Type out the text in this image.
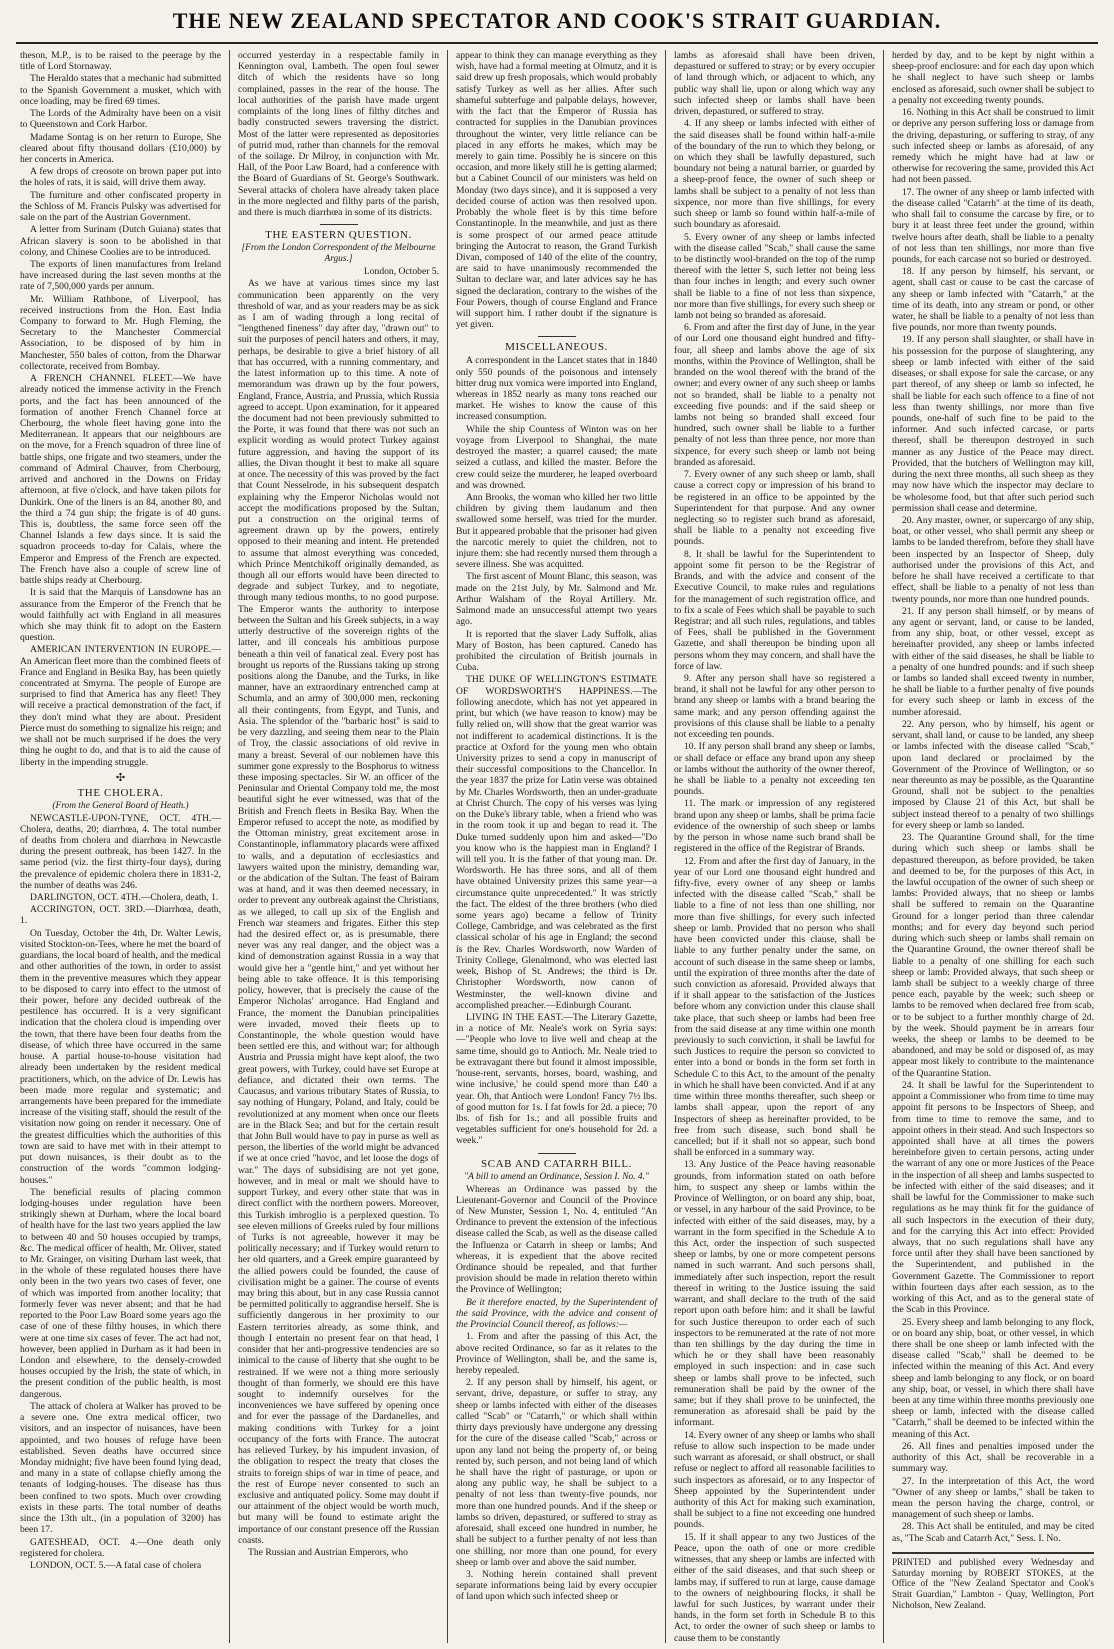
THE NEW ZEALAND SPECTATOR AND COOK'S STRAIT GUARDIAN.

theson, M.P., is to be raised to the peerage by the title of Lord Stornaway.

The Heraldo states that a mechanic had submitted to the Spanish Government a musket, which with once loading, may be fired 69 times.

The Lords of the Admiralty have been on a visit to Queenstown and Cork Harbor.

Madame Sontag is on her return to Europe, She cleared about fifty thousand dollars (£10,000) by her concerts in America.

A few drops of creosote on brown paper put into the holes of rats, it is said, will drive them away.

The furniture and other confiscated property in the Schloss of M. Francis Pulsky was advertised for sale on the part of the Austrian Government.

A letter from Surinam (Dutch Guiana) states that African slavery is soon to be abolished in that colony, and Chinese Coolies are to be introduced.

The exports of linen manufactures from Ireland have increased during the last seven months at the rate of 7,500,000 yards per annum.

Mr. William Rathbone, of Liverpool, has received instructions from the Hon. East India Company to forward to Mr. Hugh Fleming, the Secretary to the Manchester Commercial Association, to be disposed of by him in Manchester, 550 bales of cotton, from the Dharwar collectorate, received from Bombay.

A FRENCH CHANNEL FLEET.—We have already noticed the immense activity in the French ports, and the fact has been announced of the formation of another French Channel force at Cherbourg, the whole fleet having gone into the Mediterranean. It appears that our neighbours are on the move, for a French squadron of three line of battle ships, one frigate and two steamers, under the command of Admiral Chauver, from Cherbourg, arrived and anchored in the Downs on Friday afternoon, at five o'clock, and have taken pilots for Dunkirk. One of the liners is an 84, another 80, and the third a 74 gun ship; the frigate is of 40 guns. This is, doubtless, the same force seen off the Channel Islands a few days since. It is said the squadron proceeds to-day for Calais, where the Emperor and Empress of the French are expected. The French have also a couple of screw line of battle ships ready at Cherbourg.

It is said that the Marquis of Lansdowne has an assurance from the Emperor of the French that he would faithfully act with England in all measures which she may think fit to adopt on the Eastern question.

AMERICAN INTERVENTION IN EUROPE.—An American fleet more than the combined fleets of France and England in Besika Bay, has been quietly concentrated at Smyrna. The people of Europe are surprised to find that America has any fleet! They will receive a practical demonstration of the fact, if they don't mind what they are about. President Pierce must do something to signalize his reign; and we shall not be much surprised if he does the very thing he ought to do, and that is to aid the cause of liberty in the impending struggle.

✣

THE CHOLERA.

(From the General Board of Heath.)

NEWCASTLE-UPON-TYNE, OCT. 4TH.—Cholera, deaths, 20; diarrhœa, 4. The total number of deaths from cholera and diarrhœa in Newcastle during the present outbreak, has been 1427. In the same period (viz. the first thirty-four days), during the prevalence of epidemic cholera there in 1831-2, the number of deaths was 246.

DARLINGTON, OCT. 4TH.—Cholera, death, 1.

ACCRINGTON, OCT. 3RD.—Diarrhœa, death, 1.

On Tuesday, October the 4th, Dr. Walter Lewis, visited Stockton-on-Tees, where he met the board of guardians, the local board of health, and the medical and other authorities of the town, in order to assist them in the preventive measures which they appear to be disposed to carry into effect to the utmost of their power, before any decided outbreak of the pestilence has occurred. It is a very significant indication that the cholera cloud is impending over the town, that there have been four deaths from the disease, of which three have occurred in the same house. A partial house-to-house visitation had already been undertaken by the resident medical practitioners, which, on the advice of Dr. Lewis has been made more regular and systematic; and arrangements have been prepared for the immediate increase of the visiting staff, should the result of the visitation now going on render it necessary. One of the greatest difficulties which the authorities of this town are said to have met with in their attempt to put down nuisances, is their doubt as to the construction of the words "common lodging-houses."

The beneficial results of placing common lodging-houses under regulation have been strikingly shewn at Durham, where the local board of health have for the last two years applied the law to between 40 and 50 houses occupied by tramps, &c. The medical officer of health, Mr. Oliver, stated to Mr. Grainger, on visiting Durham last week, that in the whole of these regulated houses there have only been in the two years two cases of fever, one of which was imported from another locality; that formerly fever was never absent; and that he had reported to the Poor Law Board some years ago the case of one of these filthy houses, in which there were at one time six cases of fever. The act had not, however, been applied in Durham as it had been in London and elsewhere, to the densely-crowded houses occupied by the Irish, the state of which, in the present condition of the public health, is most dangerous.

The attack of cholera at Walker has proved to be a severe one. One extra medical officer, two visitors, and an inspector of nuisances, have been appointed, and two houses of refuge have been established. Seven deaths have occurred since Monday midnight; five have been found lying dead, and many in a state of collapse chiefly among the tenants of lodging-houses. The disease has thus been confined to two spots. Much over crowding exists in these parts. The total number of deaths since the 13th ult., (in a population of 3200) has been 17.

GATESHEAD, OCT. 4.—One death only registered for cholera.

LONDON, OCT. 5.—A fatal case of cholera

occurred yesterday in a respectable family in Kennington oval, Lambeth. The open foul sewer ditch of which the residents have so long complained, passes in the rear of the house. The local authorities of the parish have made urgent complaints of the long lines of filthy ditches and badly constructed sewers traversing the district. Most of the latter were represented as depositories of putrid mud, rather than channels for the removal of the soilage. Dr Milroy, in conjunction with Mr. Hall, of the Poor Law Board, had a conference with the Board of Guardians of St. George's Southwark. Several attacks of cholera have already taken place in the more neglected and filthy parts of the parish, and there is much diarrhœa in some of its districts.

THE EASTERN QUESTION.

[From the London Correspondent of the Melbourne Argus.]

London, October 5.

As we have at various times since my last communication been apparently on the very threshold of war, and as your readers may be as sick as I am of wading through a long recital of "lengthened fineness" day after day, "drawn out" to suit the purposes of pencil haters and others, it may, perhaps, be desirable to give a brief history of all that has occurred, with a running commentary, and the latest information up to this time. A note of memorandum was drawn up by the four powers, England, France, Austria, and Prussia, which Russia agreed to accept. Upon examination, for it appeared the document had not been previously submitted to the Porte, it was found that there was not such an explicit wording as would protect Turkey against future aggression, and having the support of its allies, the Divan thought it best to make all square at once. The necessity of this was proved by the fact that Count Nesselrode, in his subsequent despatch explaining why the Emperor Nicholas would not accept the modifications proposed by the Sultan, put a construction on the original terms of agreement drawn up by the powers, entirely opposed to their meaning and intent. He pretended to assume that almost everything was conceded, which Prince Mentchikoff originally demanded, as though all our efforts would have been directed to degrade and subject Turkey, and to negotiate, through many tedious months, to no good purpose. The Emperor wants the authority to interpose between the Sultan and his Greek subjects, in a way utterly destructive of the sovereign rights of the latter, and ill conceals his ambitious purpose beneath a thin veil of fanatical zeal. Every post has brought us reports of the Russians taking up strong positions along the Danube, and the Turks, in like manner, have an extraordinary entrenched camp at Schumla, and an army of 300,000 men, reckoning all their contingents, from Egypt, and Tunis, and Asia. The splendor of the "barbaric host" is said to be very dazzling, and seeing them near to the Plain of Troy, the classic associations of old revive in many a breast. Several of our noblemen have this summer gone expressly to the Bosphorus to witness these imposing spectacles. Sir W. an officer of the Peninsular and Oriental Company told me, the most beautiful sight he ever witnessed, was that of the British and French fleets in Besika Bay. When the Emperor refused to accept the note, as modified by the Ottoman ministry, great excitement arose in Constantinople, inflammatory placards were affixed to walls, and a deputation of ecclesiastics and lawyers waited upon the ministry, demanding war, or the abdication of the Sultan. The feast of Bairam was at hand, and it was then deemed necessary, in order to prevent any outbreak against the Christians, as we alleged, to call up six of the English and French war steamers and frigates. Either this step had the desired effect or, as is presumable, there never was any real danger, and the object was a kind of demonstration against Russia in a way that would give her a "gentle hint," and yet without her being able to take offence. It is this temporising policy, however, that is precisely the cause of the Emperor Nicholas' arrogance. Had England and France, the moment the Danubian principalities were invaded, moved their fleets up to Constantinople, the whole question would have been settled ere this, and without war; for although Austria and Prussia might have kept aloof, the two great powers, with Turkey, could have set Europe at defiance, and dictated their own terms. The Caucasus, and various tributary States of Russia, to say nothing of Hungary, Poland, and Italy, could be revolutionized at any moment when once our fleets are in the Black Sea; and but for the certain result that John Bull would have to pay in purse as well as person, the liberties of the world might be advanced if we at once cried "havoc, and let loose the dogs of war." The days of subsidising are not yet gone, however, and in meal or malt we should have to support Turkey, and every other state that was in direct conflict with the northern powers. Moreover, this Turkish imbroglio is a perplexed question. To see eleven millions of Greeks ruled by four millions of Turks is not agreeable, however it may be politically necessary; and if Turkey would return to her old quarters, and a Greek empire guaranteed by the allied powers could be founded, the cause of civilisation might be a gainer. The course of events may bring this about, but in any case Russia cannot be permitted politically to aggrandise herself. She is sufficiently dangerous in her proximity to our Eastern territories already, as some think, and though I entertain no present fear on that head, I consider that her anti-progressive tendencies are so inimical to the cause of liberty that she ought to be restrained. If we were not a thing more seriously thought of than formerly, we should ere this have sought to indemnify ourselves for the inconveniences we have suffered by opening once and for ever the passage of the Dardanelles, and making conditions with Turkey for a joint occupancy of the forts with France. The autocrat has relieved Turkey, by his impudent invasion, of the obligation to respect the treaty that closes the straits to foreign ships of war in time of peace, and the rest of Europe never consented to such an exclusive and antiquated policy. Some may doubt if our attainment of the object would be worth much, but many will be found to estimate aright the importance of our constant presence off the Russian coasts.

The Russian and Austrian Emperors, who

appear to think they can manage everything as they wish, have had a formal meeting at Olmutz, and it is said drew up fresh proposals, which would probably satisfy Turkey as well as her allies. After such shameful subterfuge and palpable delays, however, with the fact that the Emperor of Russia has contracted for supplies in the Danubian provinces throughout the winter, very little reliance can be placed in any efforts he makes, which may be merely to gain time. Possibly he is sincere on this occasion, and more likely still he is getting alarmed; but a Cabinet Council of our ministers was held on Monday (two days since), and it is supposed a very decided course of action was then resolved upon. Probably the whole fleet is by this time before Constantinople. In the meanwhile, and just as there is some prospect of our armed peace attitude bringing the Autocrat to reason, the Grand Turkish Divan, composed of 140 of the elite of the country, are said to have unanimously recommended the Sultan to declare war, and later advices say he has signed the declaration, contrary to the wishes of the Four Powers, though of course England and France will support him. I rather doubt if the signature is yet given.

MISCELLANEOUS.

A correspondent in the Lancet states that in 1840 only 550 pounds of the poisonous and intensely bitter drug nux vomica were imported into England, whereas in 1852 nearly as many tons reached our market. He wishes to know the cause of this increased consumption.

While the ship Countess of Winton was on her voyage from Liverpool to Shanghai, the mate destroyed the master; a quarrel caused; the mate seized a cutlass, and killed the master. Before the crew could seize the murderer, he leaped overboard and was drowned.

Ann Brooks, the woman who killed her two little children by giving them laudanum and then swallowed some herself, was tried for the murder. But it appeared probable that the prisoner had given the narcotic merely to quiet the children, not to injure them: she had recently nursed them through a severe illness. She was acquitted.

The first ascent of Mount Blanc, this season, was made on the 21st July, by Mr. Salmond and Mr. Arthur Walsham of the Royal Artillery. Mr. Salmond made an unsuccessful attempt two years ago.

It is reported that the slaver Lady Suffolk, alias Mary of Boston, has been captured. Canedo has prohibited the circulation of British journals in Cuba.

THE DUKE OF WELLINGTON'S ESTIMATE OF WORDSWORTH'S HAPPINESS.—The following anecdote, which has not yet appeared in print, but which (we have reason to know) may be fully relied on, will show that the great warrior was not indifferent to academical distinctions. It is the practice at Oxford for the young men who obtain University prizes to send a copy in manuscript of their successful compositions to the Chancellor. In the year 1837 the prize for Latin verse was obtained by Mr. Charles Wordsworth, then an under-graduate at Christ Church. The copy of his verses was lying on the Duke's library table, when a friend who was in the room took it up and began to read it. The Duke turned suddenly upon him and asked—"Do you know who is the happiest man in England? I will tell you. It is the father of that young man. Dr. Wordsworth. He has three sons, and all of them have obtained University prizes this same year—a circumstance quite unprecedented." It was strictly the fact. The eldest of the three brothers (who died some years ago) became a fellow of Trinity College, Cambridge, and was celebrated as the first classical scholar of his age in England; the second is the Rev. Charles Wordsworth, now Warden of Trinity College, Glenalmond, who was elected last week, Bishop of St. Andrews; the third is Dr. Christopher Wordsworth, now canon of Westminster, the well-known divine and accomplished preacher.—Edinburgh Courant.

LIVING IN THE EAST.—The Literary Gazette, in a notice of Mr. Neale's work on Syria says:—"People who love to live well and cheap at the same time, should go to Antioch. Mr. Neale tried to be extravagant there but found it almost impossible, 'house-rent, servants, horses, board, washing, and wine inclusive,' he could spend more than £40 a year. Oh, that Antioch were London! Fancy 7½ lbs. of good mutton for 1s. I fat fowls for 2d. a piece; 70 lbs. of fish for 1s.; and all possible fruits and vegetables sufficient for one's household for 2d. a week."

SCAB AND CATARRH BILL.

"A bill to amend an Ordinance, Session I. No. 4."

Whereas an Ordinance was passed by the Lieutenant-Governor and Council of the Province of New Munster, Session 1, No. 4, entituled "An Ordinance to prevent the extension of the infectious disease called the Scab, as well as the disease called the Influenza or Catarrh in sheep or lambs; And whereas, it is expedient that the above recited Ordinance should be repealed, and that further provision should be made in relation thereto within the Province of Wellington;

Be it therefore enacted, by the Superintendent of the said Province, with the advice and consent of the Provincial Council thereof, as follows:—

1. From and after the passing of this Act, the above recited Ordinance, so far as it relates to the Province of Wellington, shall be, and the same is, hereby repealed.

2. If any person shall by himself, his agent, or servant, drive, depasture, or suffer to stray, any sheep or lambs infected with either of the diseases called "Scab" or "Catarrh," or which shall within thirty days previously have undergone any dressing for the cure of the disease called "Scab," across or upon any land not being the property of, or being rented by, such person, and not being land of which he shall have the right of pasturage, or upon or along any public way, he shall be subject to a penalty of not less than twenty-five pounds, nor more than one hundred pounds. And if the sheep or lambs so driven, depastured, or suffered to stray as aforesaid, shall exceed one hundred in number, he shall be subject to a further penalty of not less than one shilling, nor more than one pound, for every sheep or lamb over and above the said number.

3. Nothing herein contained shall prevent separate informations being laid by every occupier of land upon which such infected sheep or

lambs as aforesaid shall have been driven, depastured or suffered to stray; or by every occupier of land through which, or adjacent to which, any public way shall lie, upon or along which way any such infected sheep or lambs shall have been driven, depastured, or suffered to stray.

4. If any sheep or lambs infected with either of the said diseases shall be found within half-a-mile of the boundary of the run to which they belong, or on which they shall be lawfully depastured, such boundary not being a natural barrier, or guarded by a sheep-proof fence, the owner of such sheep or lambs shall be subject to a penalty of not less than sixpence, nor more than five shillings, for every such sheep or lamb so found within half-a-mile of such boundary as aforesaid.

5. Every owner of any sheep or lambs infected with the disease called "Scab," shall cause the same to be distinctly wool-branded on the top of the rump thereof with the letter S, such letter not being less than four inches in length; and every such owner shall be liable to a fine of not less than sixpence, nor more than five shillings, for every such sheep or lamb not being so branded as aforesaid.

6. From and after the first day of June, in the year of our Lord one thousand eight hundred and fifty-four, all sheep and lambs above the age of six months, within the Province of Wellington, shall be branded on the wool thereof with the brand of the owner; and every owner of any such sheep or lambs not so branded, shall be liable to a penalty not exceeding five pounds: and if the said sheep or lambs not being so branded shall exceed four hundred, such owner shall be liable to a further penalty of not less than three pence, nor more than sixpence, for every such sheep or lamb not being branded as aforesaid.

7. Every owner of any such sheep or lamb, shall cause a correct copy or impression of his brand to be registered in an office to be appointed by the Superintendent for that purpose. And any owner neglecting so to register such brand as aforesaid, shall be liable to a penalty not exceeding five pounds.

8. It shall be lawful for the Superintendent to appoint some fit person to be the Registrar of Brands, and with the advice and consent of the Executive Council, to make rules and regulations for the management of such registration office, and to fix a scale of Fees which shall be payable to such Registrar; and all such rules, regulations, and tables of Fees, shall be published in the Government Gazette, and shall thereupon be binding upon all persons whom they may concern, and shall have the force of law.

9. After any person shall have so registered a brand, it shall not be lawful for any other person to brand any sheep or lambs with a brand bearing the same mark; and any person offending against the provisions of this clause shall be liable to a penalty not exceeding ten pounds.

10. If any person shall brand any sheep or lambs, or shall deface or efface any brand upon any sheep or lambs without the authority of the owner thereof, he shall be liable to a penalty not exceeding ten pounds.

11. The mark or impression of any registered brand upon any sheep or lambs, shall be prima facie evidence of the ownership of such sheep or lambs by the person in whose name such brand shall be registered in the office of the Registrar of Brands.

12. From and after the first day of January, in the year of our Lord one thousand eight hundred and fifty-five, every owner of any sheep or lambs infected with the disease called "Scab," shall be liable to a fine of not less than one shilling, nor more than five shillings, for every such infected sheep or lamb. Provided that no person who shall have been convicted under this clause, shall be liable to any further penalty under the same, on account of such disease in the same sheep or lambs, until the expiration of three months after the date of such conviction as aforesaid. Provided always that if it shall appear to the satisfaction of the Justices before whom any conviction under this clause shall take place, that such sheep or lambs had been free from the said disease at any time within one month previously to such conviction, it shall be lawful for such Justices to require the person so convicted to enter into a bond or bonds in the form set forth in Schedule C to this Act, to the amount of the penalty in which he shall have been convicted. And if at any time within three months thereafter, such sheep or lambs shall appear, upon the report of any Inspectors of sheep as hereinafter provided, to be free from such disease, such bond shall be cancelled; but if it shall not so appear, such bond shall be enforced in a summary way.

13. Any Justice of the Peace having reasonable grounds, from information stated on oath before him, to suspect any sheep or lambs within the Province of Wellington, or on board any ship, boat, or vessel, in any harbour of the said Province, to be infected with either of the said diseases, may, by a warrant in the form specified in the Schedule A to this Act, order the inspection of such suspected sheep or lambs, by one or more competent persons named in such warrant. And such persons shall, immediately after such inspection, report the result thereof in writing to the Justice issuing the said warrant, and shall declare to the truth of the said report upon oath before him: and it shall be lawful for such Justice thereupon to order each of such inspectors to be remunerated at the rate of not more than ten shillings by the day during the time in which he or they shall have been reasonably employed in such inspection: and in case such sheep or lambs shall prove to be infected, such remuneration shall be paid by the owner of the same; but if they shall prove to be uninfected, the remuneration as aforesaid shall be paid by the informant.

14. Every owner of any sheep or lambs who shall refuse to allow such inspection to be made under such warrant as aforesaid, or shall obstruct, or shall refuse or neglect to afford all reasonable facilities to such inspectors as aforesaid, or to any Inspector of Sheep appointed by the Superintendent under authority of this Act for making such examination, shall be subject to a fine not exceeding one hundred pounds.

15. If it shall appear to any two Justices of the Peace, upon the oath of one or more credible witnesses, that any sheep or lambs are infected with either of the said diseases, and that such sheep or lambs may, if suffered to run at large, cause damage to the owners of neighbouring flocks, it shall be lawful for such Justices, by warrant under their hands, in the form set forth in Schedule B to this Act, to order the owner of such sheep or lambs to cause them to be constantly

herded by day, and to be kept by night within a sheep-proof enclosure: and for each day upon which he shall neglect to have such sheep or lambs enclosed as aforesaid, such owner shall be subject to a penalty not exceeding twenty pounds.

16. Nothing in this Act shall be construed to limit or deprive any person suffering loss or damage from the driving, depasturing, or suffering to stray, of any such infected sheep or lambs as aforesaid, of any remedy which he might have had at law or otherwise for recovering the same, provided this Act had not been passed.

17. The owner of any sheep or lamb infected with the disease called "Catarrh" at the time of its death, who shall fail to consume the carcase by fire, or to bury it at least three feet under the ground, within twelve hours after death, shall be liable to a penalty of not less than ten shillings, nor more than five pounds, for each carcase not so buried or destroyed.

18. If any person by himself, his servant, or agent, shall cast or cause to be cast the carcase of any sheep or lamb infected with "Catarrh," at the time of its death, into any stream or pond, or other water, he shall be liable to a penalty of not less than five pounds, nor more than twenty pounds.

19. If any person shall slaughter, or shall have in his possession for the purpose of slaughtering, any sheep or lamb infected with either of the said diseases, or shall expose for sale the carcase, or any part thereof, of any sheep or lamb so infected, he shall be liable for each such offence to a fine of not less than twenty shillings, nor more than five pounds, one-half of such fine to be paid to the informer. And such infected carcase, or parts thereof, shall be thereupon destroyed in such manner as any Justice of the Peace may direct. Provided, that the butchers of Wellington may kill, during the next three months, all such sheep as they may now have which the inspector may declare to be wholesome food, but that after such period such permission shall cease and determine.

20. Any master, owner, or supercargo of any ship, boat, or other vessel, who shall permit any sheep or lambs to be landed therefrom, before they shall have been inspected by an Inspector of Sheep, duly authorised under the provisions of this Act, and before he shall have received a certificate to that effect, shall be liable to a penalty of not less than twenty pounds, nor more than one hundred pounds.

21. If any person shall himself, or by means of any agent or servant, land, or cause to be landed, from any ship, boat, or other vessel, except as hereinafter provided, any sheep or lambs infected with either of the said diseases, he shall be liable to a penalty of one hundred pounds: and if such sheep or lambs so landed shall exceed twenty in number, he shall be liable to a further penalty of five pounds for every such sheep or lamb in excess of the number aforesaid.

22. Any person, who by himself, his agent or servant, shall land, or cause to be landed, any sheep or lambs infected with the disease called "Scab," upon land declared or proclaimed by the Government of the Province of Wellington, or so near thereunto as may be possible, as the Quarantine Ground, shall not be subject to the penalties imposed by Clause 21 of this Act, but shall be subject instead thereof to a penalty of two shillings for every sheep or lamb so landed.

23. The Quarantine Ground shall, for the time during which such sheep or lambs shall be depastured thereupon, as before provided, be taken and deemed to be, for the purposes of this Act, in the lawful occupation of the owner of such sheep or lambs: Provided always, that no sheep or lambs shall be suffered to remain on the Quarantine Ground for a longer period than three calendar months; and for every day beyond such period during which such sheep or lambs shall remain on the Quarantine Ground, the owner thereof shall be liable to a penalty of one shilling for each such sheep or lamb: Provided always, that such sheep or lamb shall be subject to a weekly charge of three pence each, payable by the week; such sheep or lambs to be removed when declared free from scab, or to be subject to a further monthly charge of 2d. by the week. Should payment be in arrears four weeks, the sheep or lambs to be deemed to be abandoned, and may be sold or disposed of, as may appear most likely to contribute to the maintenance of the Quarantine Station.

24. It shall be lawful for the Superintendent to appoint a Commissioner who from time to time may appoint fit persons to be Inspectors of Sheep, and from time to time to remove the same, and to appoint others in their stead. And such Inspectors so appointed shall have at all times the powers hereinbefore given to certain persons, acting under the warrant of any one or more Justices of the Peace in the inspection of all sheep and lambs suspected to be infected with either of the said diseases; and it shall be lawful for the Commissioner to make such regulations as he may think fit for the guidance of all such Inspectors in the execution of their duty, and for the carrying this Act into effect: Provided always, that no such regulations shall have any force until after they shall have been sanctioned by the Superintendent, and published in the Government Gazette. The Commissioner to report within fourteen days after each session, as to the working of this Act, and as to the general state of the Scab in this Province.

25. Every sheep and lamb belonging to any flock, or on board any ship, boat, or other vessel, in which there shall be one sheep or lamb infected with the disease called "Scab," shall be deemed to be infected within the meaning of this Act. And every sheep and lamb belonging to any flock, or on board any ship, boat, or vessel, in which there shall have been at any time within three months previously one sheep or lamb, infected with the disease called "Catarrh," shall be deemed to be infected within the meaning of this Act.

26. All fines and penalties imposed under the authority of this Act, shall be recoverable in a summary way.

27. In the interpretation of this Act, the word "Owner of any sheep or lambs," shall be taken to mean the person having the charge, control, or management of such sheep or lambs.

28. This Act shall be entituled, and may be cited as, "The Scab and Catarrh Act," Sess. I. No.

PRINTED and published every Wednesday and Saturday morning by ROBERT STOKES, at the Office of the "New Zealand Spectator and Cook's Strait Guardian," Lambton - Quay, Wellington, Port Nicholson, New Zealand.
